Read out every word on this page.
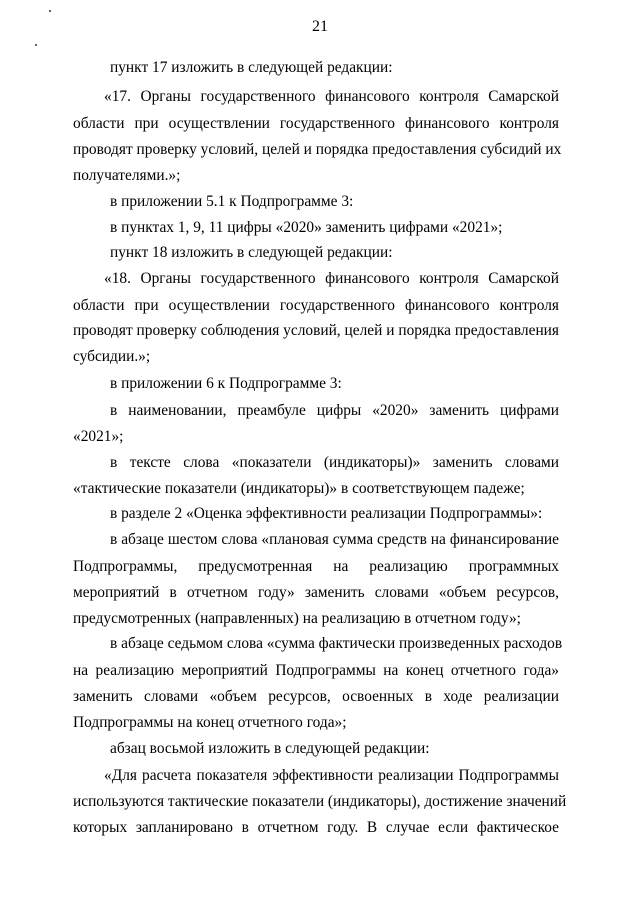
21
пункт 17 изложить в следующей редакции:
«17. Органы государственного финансового контроля Самарской
области при осуществлении государственного финансового контроля
проводят проверку условий, целей и порядка предоставления субсидий их
получателями.»;
в приложении 5.1 к Подпрограмме 3:
в пунктах 1, 9, 11 цифры «2020» заменить цифрами «2021»;
пункт 18 изложить в следующей редакции:
«18. Органы государственного финансового контроля Самарской
области при осуществлении государственного финансового контроля
проводят проверку соблюдения условий, целей и порядка предоставления
субсидии.»;
в приложении 6 к Подпрограмме 3:
в наименовании, преамбуле цифры «2020» заменить цифрами
«2021»;
в тексте слова «показатели (индикаторы)» заменить словами
«тактические показатели (индикаторы)» в соответствующем падеже;
в разделе 2 «Оценка эффективности реализации Подпрограммы»:
в абзаце шестом слова «плановая сумма средств на финансирование
Подпрограммы, предусмотренная на реализацию программных
мероприятий в отчетном году» заменить словами «объем ресурсов,
предусмотренных (направленных) на реализацию в отчетном году»;
в абзаце седьмом слова «сумма фактически произведенных расходов
на реализацию мероприятий Подпрограммы на конец отчетного года»
заменить словами «объем ресурсов, освоенных в ходе реализации
Подпрограммы на конец отчетного года»;
абзац восьмой изложить в следующей редакции:
«Для расчета показателя эффективности реализации Подпрограммы
используются тактические показатели (индикаторы), достижение значений
которых запланировано в отчетном году. В случае если фактическое
